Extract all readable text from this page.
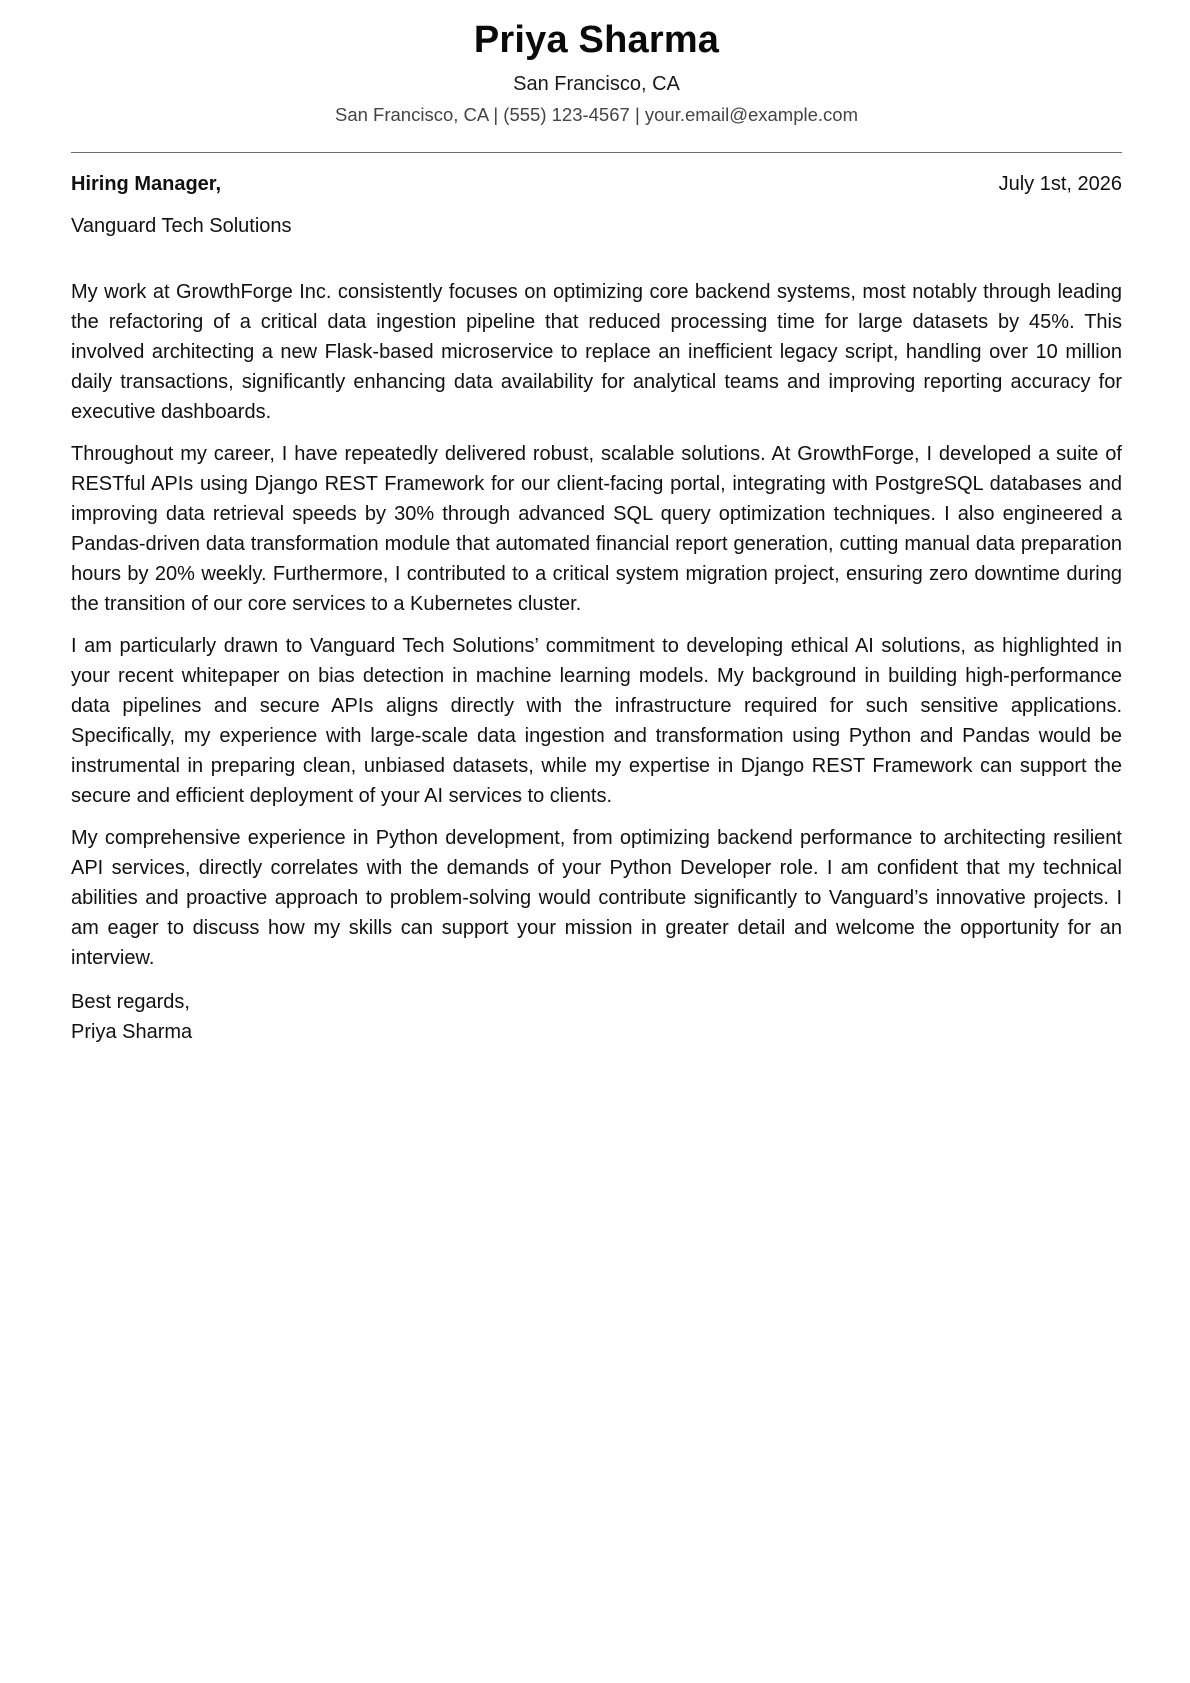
Priya Sharma
San Francisco, CA
San Francisco, CA | (555) 123-4567 | your.email@example.com
Hiring Manager,	July 1st, 2026
Vanguard Tech Solutions

My work at GrowthForge Inc. consistently focuses on optimizing core backend systems, most notably through leading the refactoring of a critical data ingestion pipeline that reduced processing time for large datasets by 45%. This involved architecting a new Flask-based microservice to replace an inefficient legacy script, handling over 10 million daily transactions, significantly enhancing data availability for analytical teams and improving reporting accuracy for executive dashboards.

Throughout my career, I have repeatedly delivered robust, scalable solutions. At GrowthForge, I developed a suite of RESTful APIs using Django REST Framework for our client-facing portal, integrating with PostgreSQL databases and improving data retrieval speeds by 30% through advanced SQL query optimization techniques. I also engineered a Pandas-driven data transformation module that automated financial report generation, cutting manual data preparation hours by 20% weekly. Furthermore, I contributed to a critical system migration project, ensuring zero downtime during the transition of our core services to a Kubernetes cluster.

I am particularly drawn to Vanguard Tech Solutions’ commitment to developing ethical AI solutions, as highlighted in your recent whitepaper on bias detection in machine learning models. My background in building high-performance data pipelines and secure APIs aligns directly with the infrastructure required for such sensitive applications. Specifically, my experience with large-scale data ingestion and transformation using Python and Pandas would be instrumental in preparing clean, unbiased datasets, while my expertise in Django REST Framework can support the secure and efficient deployment of your AI services to clients.

My comprehensive experience in Python development, from optimizing backend performance to architecting resilient API services, directly correlates with the demands of your Python Developer role. I am confident that my technical abilities and proactive approach to problem-solving would contribute significantly to Vanguard’s innovative projects. I am eager to discuss how my skills can support your mission in greater detail and welcome the opportunity for an interview.

Best regards,
Priya Sharma
